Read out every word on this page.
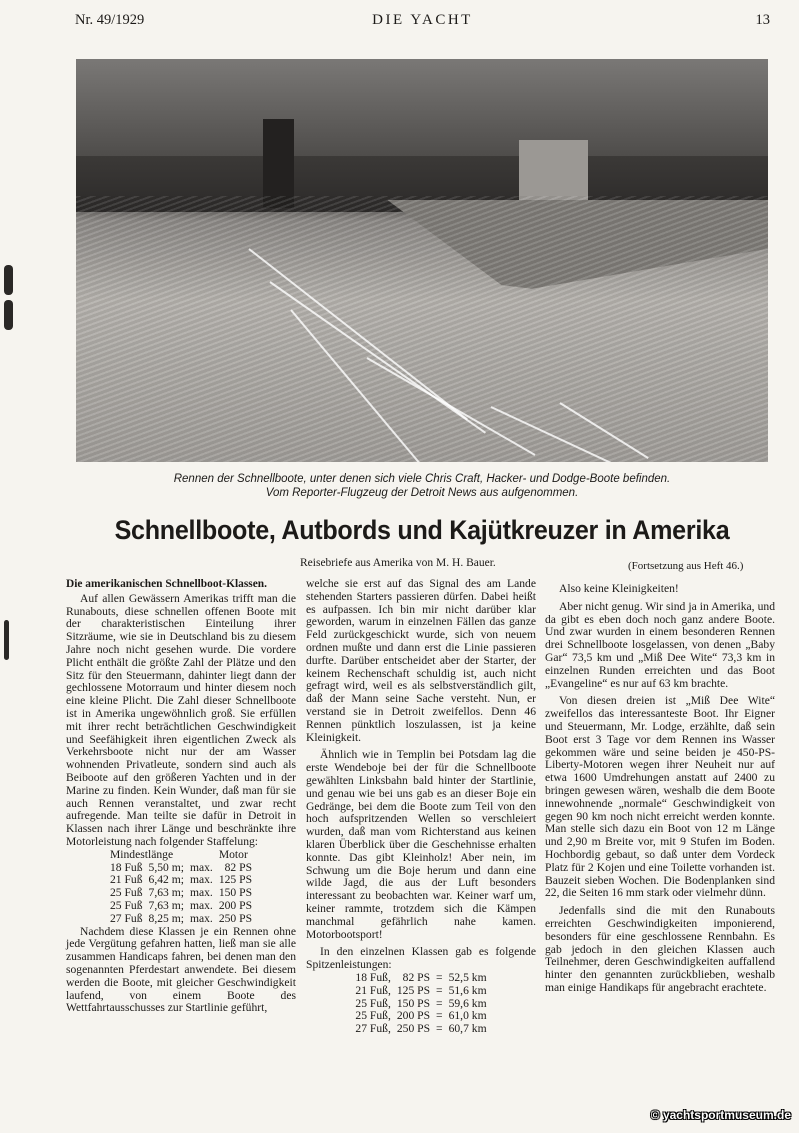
Nr. 49/1929	DIE YACHT	13
Rennen der Schnellboote, unter denen sich viele Chris Craft, Hacker- und Dodge-Boote befinden.
Vom Reporter-Flugzeug der Detroit News aus aufgenommen.
Schnellboote, Autbords und Kajütkreuzer in Amerika
Reisebriefe aus Amerika von M. H. Bauer.	(Fortsetzung aus Heft 46.)

Die amerikanischen Schnellboot-Klassen.

Auf allen Gewässern Amerikas trifft man die Runabouts, diese schnellen offenen Boote mit der charakteristischen Einteilung ihrer Sitzräume, wie sie in Deutschland bis zu diesem Jahre noch nicht gesehen wurde. Die vordere Plicht enthält die größte Zahl der Plätze und den Sitz für den Steuermann, dahinter liegt dann der gechlossene Motorraum und hinter diesem noch eine kleine Plicht. Die Zahl dieser Schnellboote ist in Amerika ungewöhnlich groß. Sie erfüllen mit ihrer recht beträchtlichen Geschwindigkeit und Seefähigkeit ihren eigentlichen Zweck als Verkehrsboote nicht nur der am Wasser wohnenden Privatleute, sondern sind auch als Beiboote auf den größeren Yachten und in der Marine zu finden. Kein Wunder, daß man für sie auch Rennen veranstaltet, und zwar recht aufregende. Man teilte sie dafür in Detroit in Klassen nach ihrer Länge und beschränkte ihre Motorleistung nach folgender Staffelung:

Mindestlänge			Motor
18 Fuß	5,50 m;	max.	82 PS
21 Fuß	6,42 m;	max.	125 PS
25 Fuß	7,63 m;	max.	150 PS
25 Fuß	7,63 m;	max.	200 PS
27 Fuß	8,25 m;	max.	250 PS

Nachdem diese Klassen je ein Rennen ohne jede Vergütung gefahren hatten, ließ man sie alle zusammen Handicaps fahren, bei denen man den sogenannten Pferdestart anwendete. Bei diesem werden die Boote, mit gleicher Geschwindigkeit laufend, von einem Boote des Wettfahrtausschusses zur Startlinie geführt,

welche sie erst auf das Signal des am Lande stehenden Starters passieren dürfen. Dabei heißt es aufpassen. Ich bin mir nicht darüber klar geworden, warum in einzelnen Fällen das ganze Feld zurückgeschickt wurde, sich von neuem ordnen mußte und dann erst die Linie passieren durfte. Darüber entscheidet aber der Starter, der keinem Rechenschaft schuldig ist, auch nicht gefragt wird, weil es als selbstverständlich gilt, daß der Mann seine Sache versteht. Nun, er verstand sie in Detroit zweifellos. Denn 46 Rennen pünktlich loszulassen, ist ja keine Kleinigkeit.

Ähnlich wie in Templin bei Potsdam lag die erste Wendeboje bei der für die Schnellboote gewählten Linksbahn bald hinter der Startlinie, und genau wie bei uns gab es an dieser Boje ein Gedränge, bei dem die Boote zum Teil von den hoch aufspritzenden Wellen so verschleiert wurden, daß man vom Richterstand aus keinen klaren Überblick über die Geschehnisse erhalten konnte. Das gibt Kleinholz! Aber nein, im Schwung um die Boje herum und dann eine wilde Jagd, die aus der Luft besonders interessant zu beobachten war. Keiner warf um, keiner rammte, trotzdem sich die Kämpen manchmal gefährlich nahe kamen. Motorbootsport!

In den einzelnen Klassen gab es folgende Spitzenleistungen:

18 Fuß,	82 PS	=	52,5 km
21 Fuß,	125 PS	=	51,6 km
25 Fuß,	150 PS	=	59,6 km
25 Fuß,	200 PS	=	61,0 km
27 Fuß,	250 PS	=	60,7 km

Also keine Kleinigkeiten!

Aber nicht genug. Wir sind ja in Amerika, und da gibt es eben doch noch ganz andere Boote. Und zwar wurden in einem besonderen Rennen drei Schnellboote losgelassen, von denen „Baby Gar“ 73,5 km und „Miß Dee Wite“ 73,3 km in einzelnen Runden erreichten und das Boot „Evangeline“ es nur auf 63 km brachte.

Von diesen dreien ist „Miß Dee Wite“ zweifellos das interessanteste Boot. Ihr Eigner und Steuermann, Mr. Lodge, erzählte, daß sein Boot erst 3 Tage vor dem Rennen ins Wasser gekommen wäre und seine beiden je 450-PS-Liberty-Motoren wegen ihrer Neuheit nur auf etwa 1600 Umdrehungen anstatt auf 2400 zu bringen gewesen wären, weshalb die dem Boote innewohnende „normale“ Geschwindigkeit von gegen 90 km noch nicht erreicht werden konnte. Man stelle sich dazu ein Boot von 12 m Länge und 2,90 m Breite vor, mit 9 Stufen im Boden. Hochbordig gebaut, so daß unter dem Vordeck Platz für 2 Kojen und eine Toilette vorhanden ist. Bauzeit sieben Wochen. Die Bodenplanken sind 22, die Seiten 16 mm stark oder vielmehr dünn.

Jedenfalls sind die mit den Runabouts erreichten Geschwindigkeiten imponierend, besonders für eine geschlossene Rennbahn. Es gab jedoch in den gleichen Klassen auch Teilnehmer, deren Geschwindigkeiten auffallend hinter den genannten zurückblieben, weshalb man einige Handikaps für angebracht erachtete.

© yachtsportmuseum.de
